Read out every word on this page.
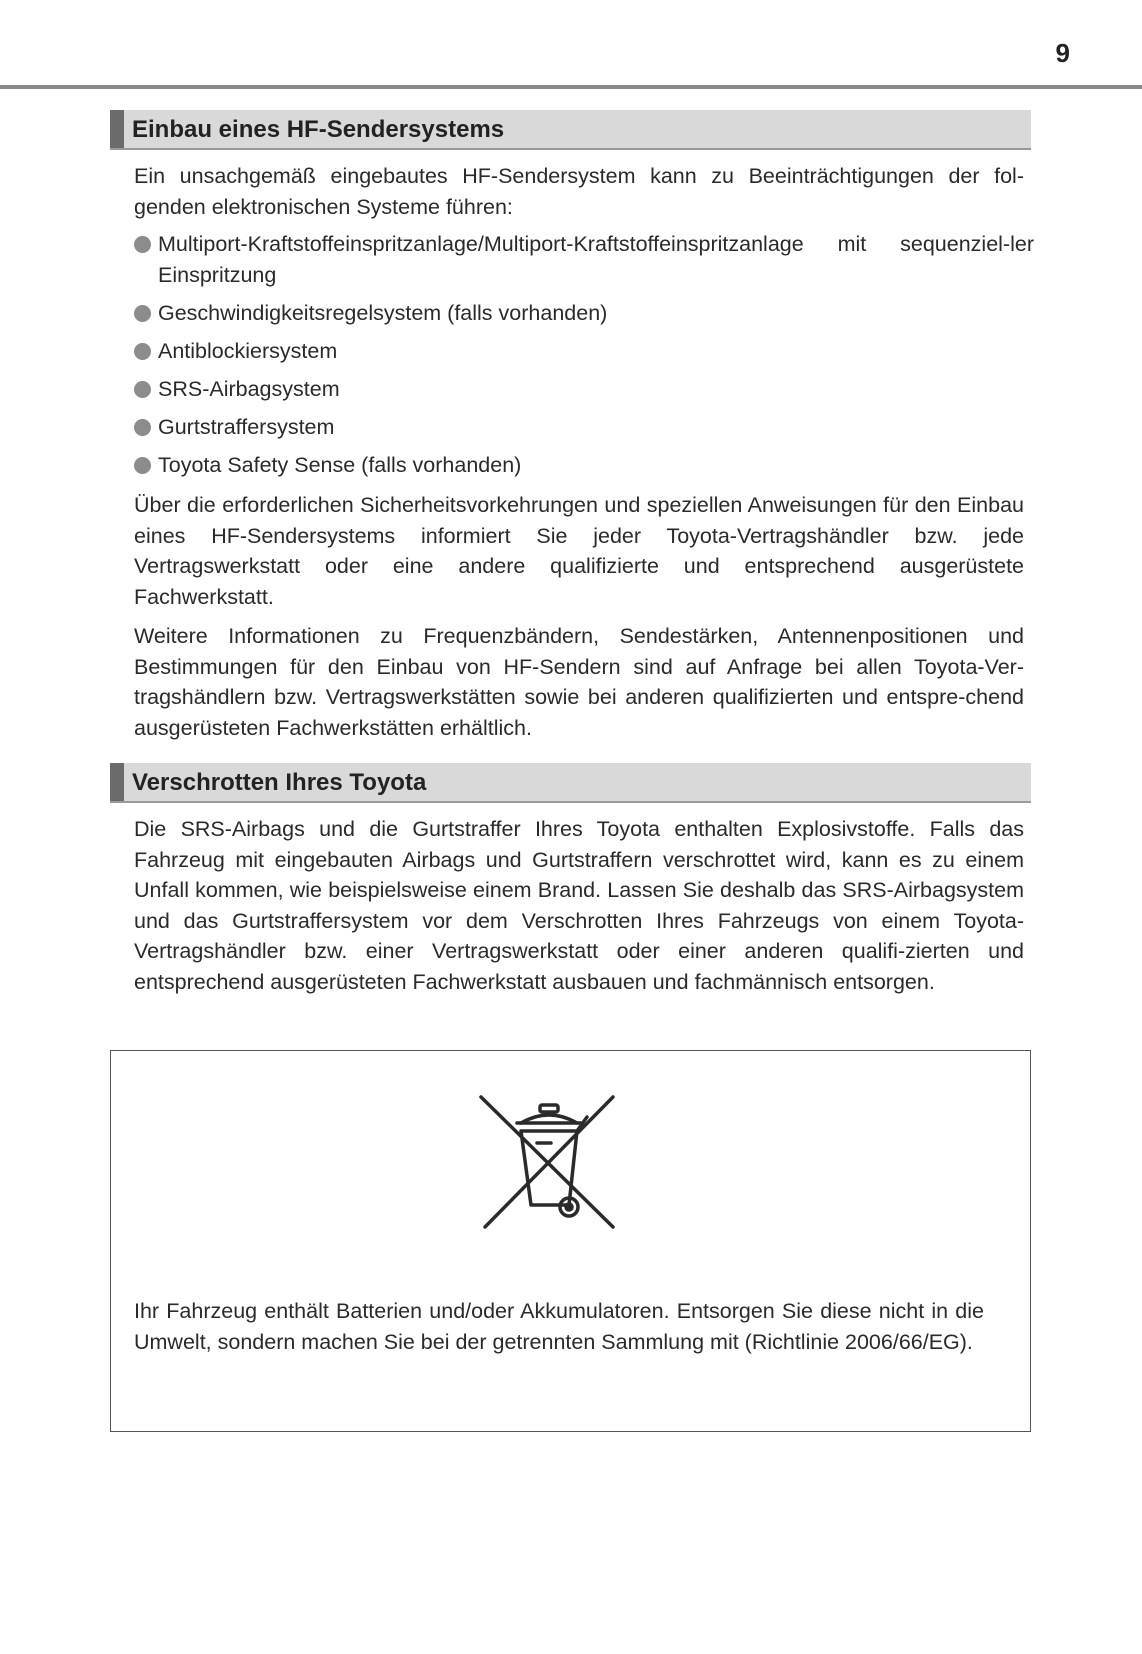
9
Einbau eines HF-Sendersystems
Ein unsachgemäß eingebautes HF-Sendersystem kann zu Beeinträchtigungen der fol-genden elektronischen Systeme führen:
Multiport-Kraftstoffeinspritzanlage/Multiport-Kraftstoffeinspritzanlage mit sequenziel-ler Einspritzung
Geschwindigkeitsregelsystem (falls vorhanden)
Antiblockiersystem
SRS-Airbagsystem
Gurtstraffersystem
Toyota Safety Sense (falls vorhanden)
Über die erforderlichen Sicherheitsvorkehrungen und speziellen Anweisungen für den Einbau eines HF-Sendersystems informiert Sie jeder Toyota-Vertragshändler bzw. jede Vertragswerkstatt oder eine andere qualifizierte und entsprechend ausgerüstete Fachwerkstatt.
Weitere Informationen zu Frequenzbändern, Sendestärken, Antennenpositionen und Bestimmungen für den Einbau von HF-Sendern sind auf Anfrage bei allen Toyota-Ver-tragshändlern bzw. Vertragswerkstätten sowie bei anderen qualifizierten und entspre-chend ausgerüsteten Fachwerkstätten erhältlich.
Verschrotten Ihres Toyota
Die SRS-Airbags und die Gurtstraffer Ihres Toyota enthalten Explosivstoffe. Falls das Fahrzeug mit eingebauten Airbags und Gurtstraffern verschrottet wird, kann es zu einem Unfall kommen, wie beispielsweise einem Brand. Lassen Sie deshalb das SRS-Airbagsystem und das Gurtstraffersystem vor dem Verschrotten Ihres Fahrzeugs von einem Toyota-Vertragshändler bzw. einer Vertragswerkstatt oder einer anderen qualifi-zierten und entsprechend ausgerüsteten Fachwerkstatt ausbauen und fachmännisch entsorgen.
Ihr Fahrzeug enthält Batterien und/oder Akkumulatoren. Entsorgen Sie diese nicht in die Umwelt, sondern machen Sie bei der getrennten Sammlung mit (Richtlinie 2006/66/EG).
